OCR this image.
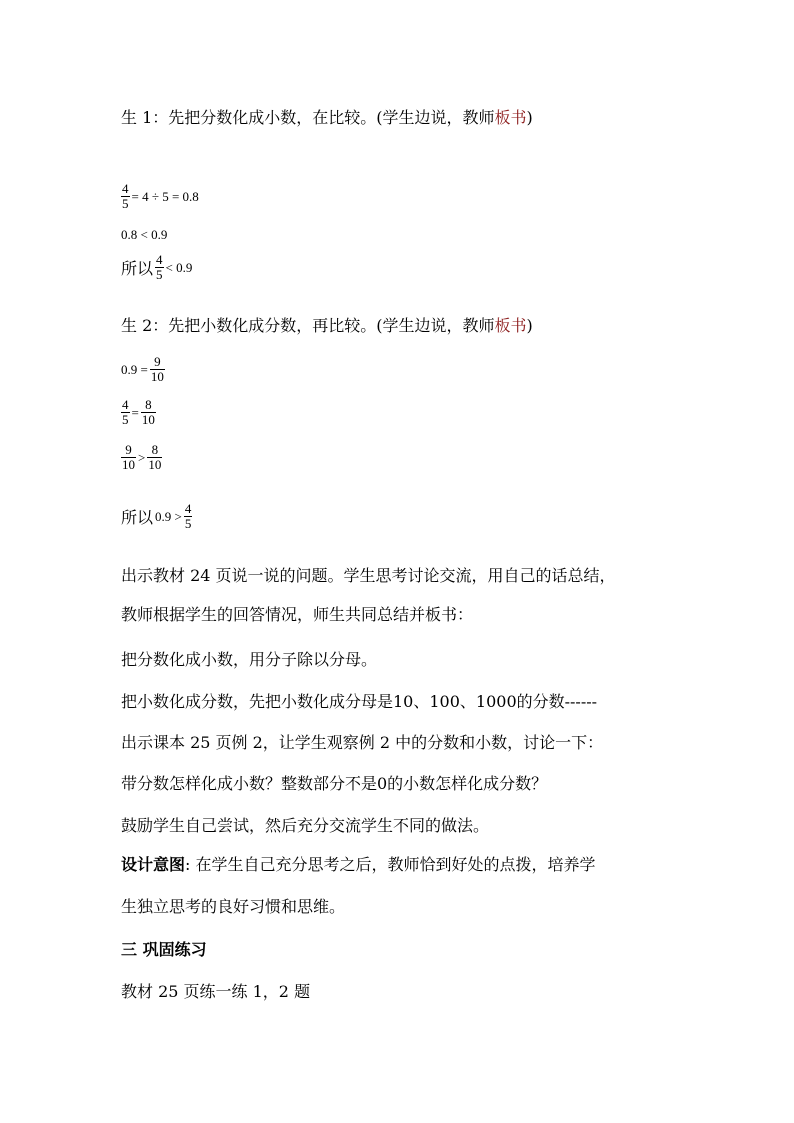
生 1：先把分数化成小数，在比较。(学生边说，教师板书)
$\frac{4}{5} = 4 \div 5 = 0.8$
0.8 < 0.9
所以 $\frac{4}{5} < 0.9$
生 2：先把小数化成分数，再比较。(学生边说，教师板书)
$0.9 = \frac{9}{10}$
$\frac{4}{5} = \frac{8}{10}$
$\frac{9}{10} > \frac{8}{10}$
所以 $0.9 > \frac{4}{5}$
出示教材 24 页说一说的问题。学生思考讨论交流，用自己的话总结，
教师根据学生的回答情况，师生共同总结并板书：
把分数化成小数，用分子除以分母。
把小数化成分数，先把小数化成分母是10、100、1000的分数------
出示课本 25 页例 2，让学生观察例 2 中的分数和小数，讨论一下：
带分数怎样化成小数？整数部分不是0的小数怎样化成分数？
鼓励学生自己尝试，然后充分交流学生不同的做法。
设计意图: 在学生自己充分思考之后，教师恰到好处的点拨，培养学
生独立思考的良好习惯和思维。
三 巩固练习
教材 25 页练一练 1，2 题
